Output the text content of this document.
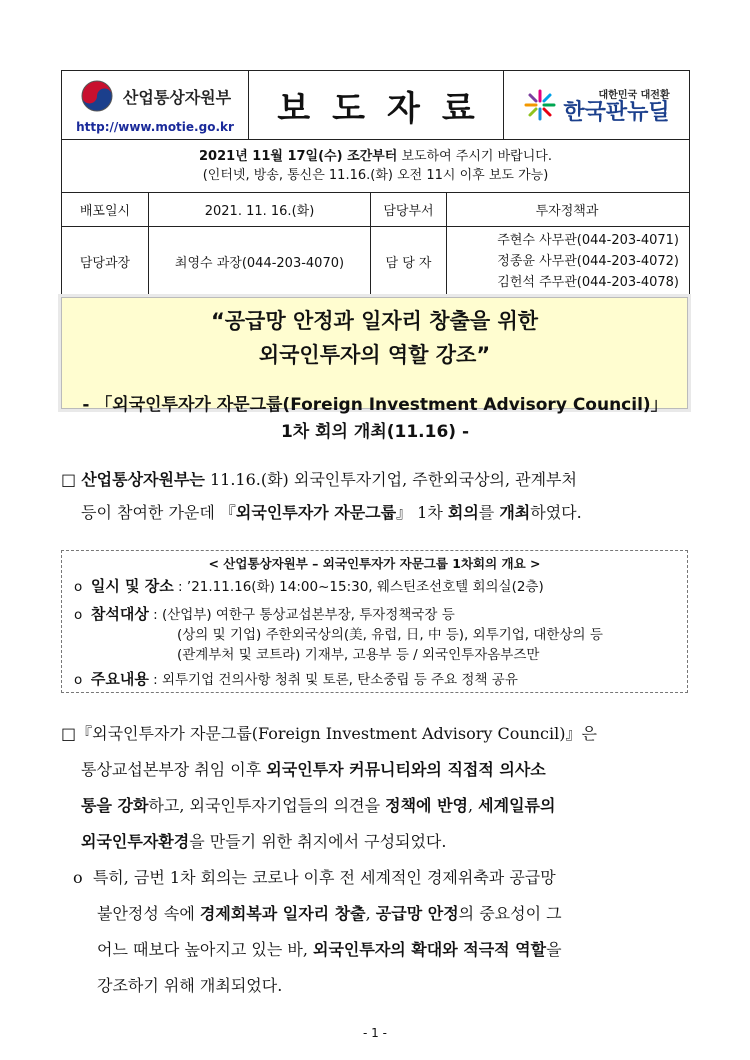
산업통상자원부
http://www.motie.go.kr	보도자료	대한민국 대전환
한국판뉴딜
2021년 11월 17일(수) 조간부터 보도하여 주시기 바랍니다.
(인터넷, 방송, 통신은 11.16.(화) 오전 11시 이후 보도 가능)
배포일시	2021. 11. 16.(화)	담당부서	투자정책과
담당과장	최영수 과장(044-203-4070)	담 당 자
주현수 사무관(044-203-4071)
정종윤 사무관(044-203-4072)
김헌석 주무관(044-203-4078)
“공급망 안정과 일자리 창출을 위한
외국인투자의 역할 강조”
- 「외국인투자가 자문그룹(Foreign Investment Advisory Council)」
1차 회의 개최(11.16) -
□ 산업통상자원부는 11.16.(화) 외국인투자기업, 주한외국상의, 관계부처
등이 참여한 가운데 『외국인투자가 자문그룹』 1차 회의를 개최하였다.
< 산업통상자원부 – 외국인투자가 자문그룹 1차회의 개요 >
ο 일시 및 장소 : ’21.11.16(화) 14:00~15:30, 웨스틴조선호텔 회의실(2층)
ο 참석대상 : (산업부) 여한구 통상교섭본부장, 투자정책국장 등
(상의 및 기업) 주한외국상의(美, 유럽, 日, 中 등), 외투기업, 대한상의 등
(관계부처 및 코트라) 기재부, 고용부 등 / 외국인투자옴부즈만
ο 주요내용 : 외투기업 건의사항 청취 및 토론, 탄소중립 등 주요 정책 공유
□『외국인투자가 자문그룹(Foreign Investment Advisory Council)』은
통상교섭본부장 취임 이후 외국인투자 커뮤니티와의 직접적 의사소
통을 강화하고, 외국인투자기업들의 의견을 정책에 반영, 세계일류의
외국인투자환경을 만들기 위한 취지에서 구성되었다.
ο 특히, 금번 1차 회의는 코로나 이후 전 세계적인 경제위축과 공급망
불안정성 속에 경제회복과 일자리 창출, 공급망 안정의 중요성이 그
어느 때보다 높아지고 있는 바, 외국인투자의 확대와 적극적 역할을
강조하기 위해 개최되었다.
- 1 -
